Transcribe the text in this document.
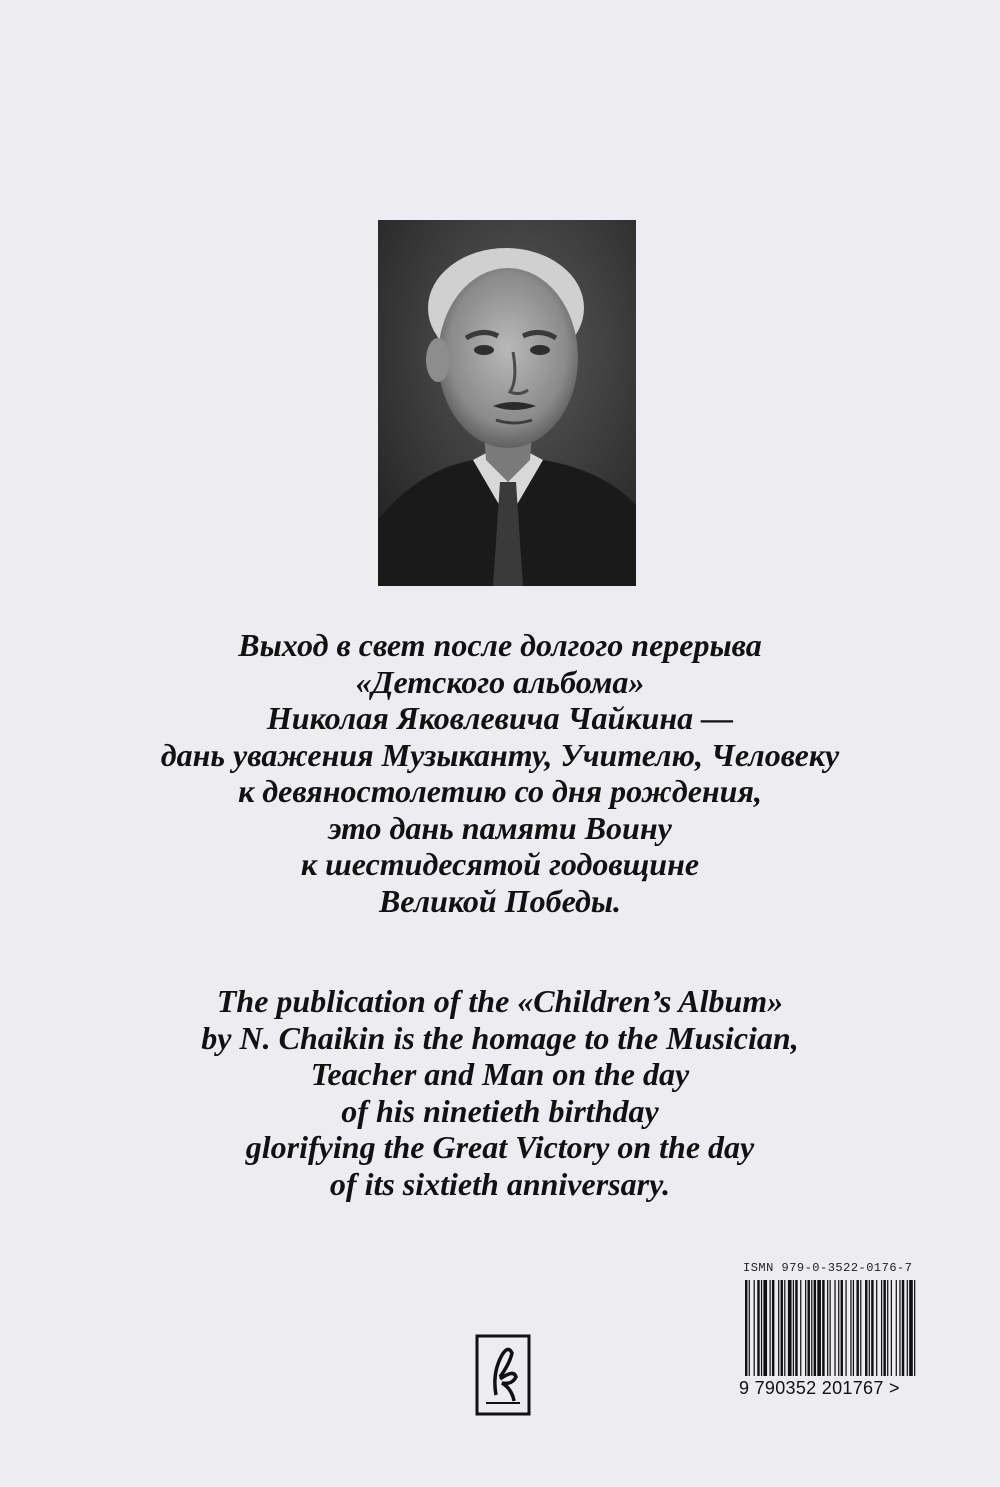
Выход в свет после долгого перерыва
«Детского альбома»
Николая Яковлевича Чайкина —
дань уважения Музыканту, Учителю, Человеку
к девяностолетию со дня рождения,
это дань памяти Воину
к шестидесятой годовщине
Великой Победы.
The publication of the «Children’s Album»
by N. Chaikin is the homage to the Musician,
Teacher and Man on the day
of his ninetieth birthday
glorifying the Great Victory on the day
of its sixtieth anniversary.
ISMN 979-0-3522-0176-7
9 790352 201767 >
